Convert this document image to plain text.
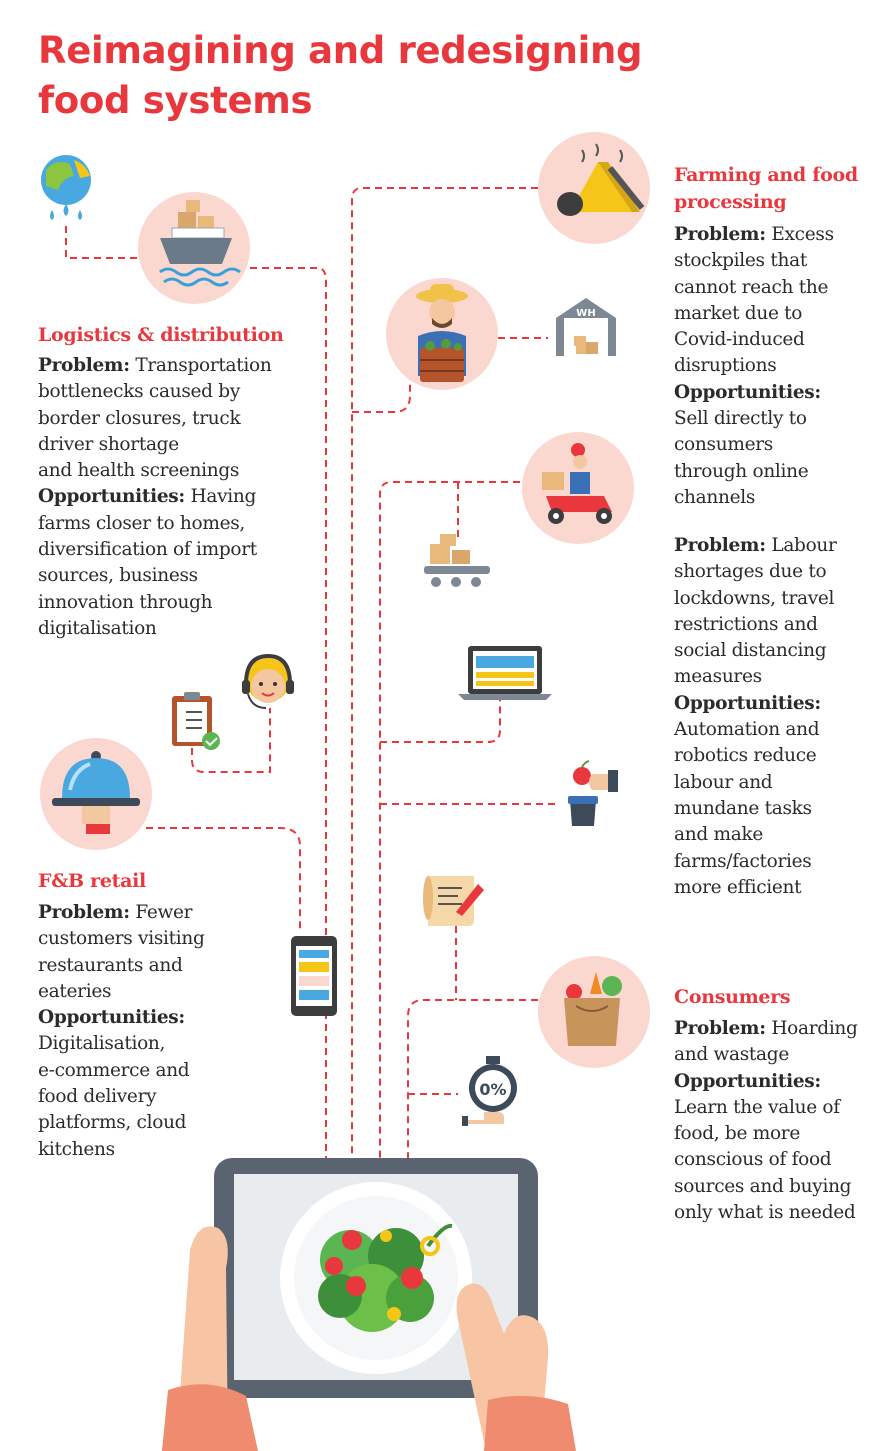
WH
0%
Reimagining and redesigning
food systems
Logistics & distribution
Problem: Transportation
bottlenecks caused by
border closures, truck
driver shortage
and health screenings
Opportunities: Having
farms closer to homes,
diversification of import
sources, business
innovation through
digitalisation
F&B retail
Problem: Fewer
customers visiting
restaurants and
eateries
Opportunities:
Digitalisation,
e-commerce and
food delivery
platforms, cloud
kitchens
Farming and food
processing
Problem: Excess
stockpiles that
cannot reach the
market due to
Covid-induced
disruptions
Opportunities:
Sell directly to
consumers
through online
channels
Problem: Labour
shortages due to
lockdowns, travel
restrictions and
social distancing
measures
Opportunities:
Automation and
robotics reduce
labour and
mundane tasks
and make
farms/factories
more efficient
Consumers
Problem: Hoarding
and wastage
Opportunities:
Learn the value of
food, be more
conscious of food
sources and buying
only what is needed
